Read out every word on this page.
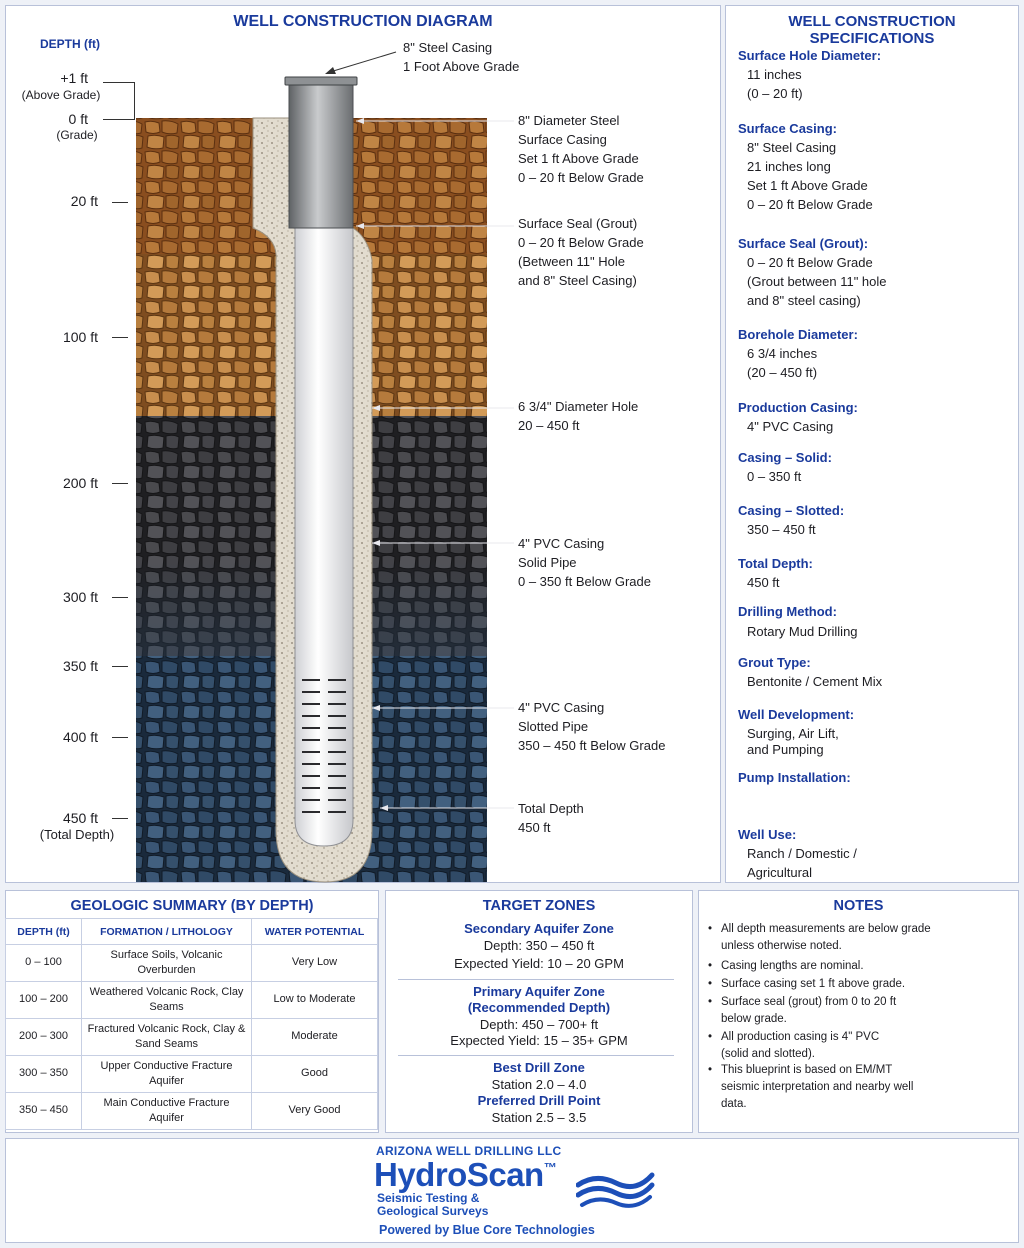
WELL CONSTRUCTION DIAGRAM
DEPTH (ft)
+1 ft
(Above Grade)
0 ft
(Grade)
20 ft
100 ft
200 ft
300 ft
350 ft
400 ft
450 ft
(Total Depth)
8" Steel Casing
1 Foot Above Grade
8" Diameter Steel
Surface Casing
Set 1 ft Above Grade
0 – 20 ft Below Grade
Surface Seal (Grout)
0 – 20 ft Below Grade
(Between 11" Hole
and 8" Steel Casing)
6 3/4" Diameter Hole
20 – 450 ft
4" PVC Casing
Solid Pipe
0 – 350 ft Below Grade
4" PVC Casing
Slotted Pipe
350 – 450 ft Below Grade
Total Depth
450 ft
WELL CONSTRUCTION SPECIFICATIONS
Surface Hole Diameter:
11 inches
(0 – 20 ft)
Surface Casing:
8" Steel Casing
21 inches long
Set 1 ft Above Grade
0 – 20 ft Below Grade
Surface Seal (Grout):
0 – 20 ft Below Grade
(Grout between 11" hole
and 8" steel casing)
Borehole Diameter:
6 3/4 inches
(20 – 450 ft)
Production Casing:
4" PVC Casing
Casing – Solid:
0 – 350 ft
Casing – Slotted:
350 – 450 ft
Total Depth:
450 ft
Drilling Method:
Rotary Mud Drilling
Grout Type:
Bentonite / Cement Mix
Well Development:
Surging, Air Lift,
and Pumping
Pump Installation:
Well Use:
Ranch / Domestic /
Agricultural
GEOLOGIC SUMMARY (BY DEPTH)
DEPTH (ft)	FORMATION / LITHOLOGY	WATER POTENTIAL
0 – 100	Surface Soils, Volcanic Overburden	Very Low
100 – 200	Weathered Volcanic Rock, Clay Seams	Low to Moderate
200 – 300	Fractured Volcanic Rock, Clay & Sand Seams	Moderate
300 – 350	Upper Conductive Fracture Aquifer	Good
350 – 450	Main Conductive Fracture Aquifer	Very Good
TARGET ZONES
Secondary Aquifer Zone
Depth: 350 – 450 ft
Expected Yield: 10 – 20 GPM
Primary Aquifer Zone
(Recommended Depth)
Depth: 450 – 700+ ft
Expected Yield: 15 – 35+ GPM
Best Drill Zone
Station 2.0 – 4.0
Preferred Drill Point
Station 2.5 – 3.5
NOTES
• All depth measurements are below grade
unless otherwise noted.
• Casing lengths are nominal.
• Surface casing set 1 ft above grade.
• Surface seal (grout) from 0 to 20 ft
below grade.
• All production casing is 4" PVC
(solid and slotted).
• This blueprint is based on EM/MT
seismic interpretation and nearby well
data.
ARIZONA WELL DRILLING LLC
HydroScan™
Seismic Testing &
Geological Surveys
Powered by Blue Core Technologies
